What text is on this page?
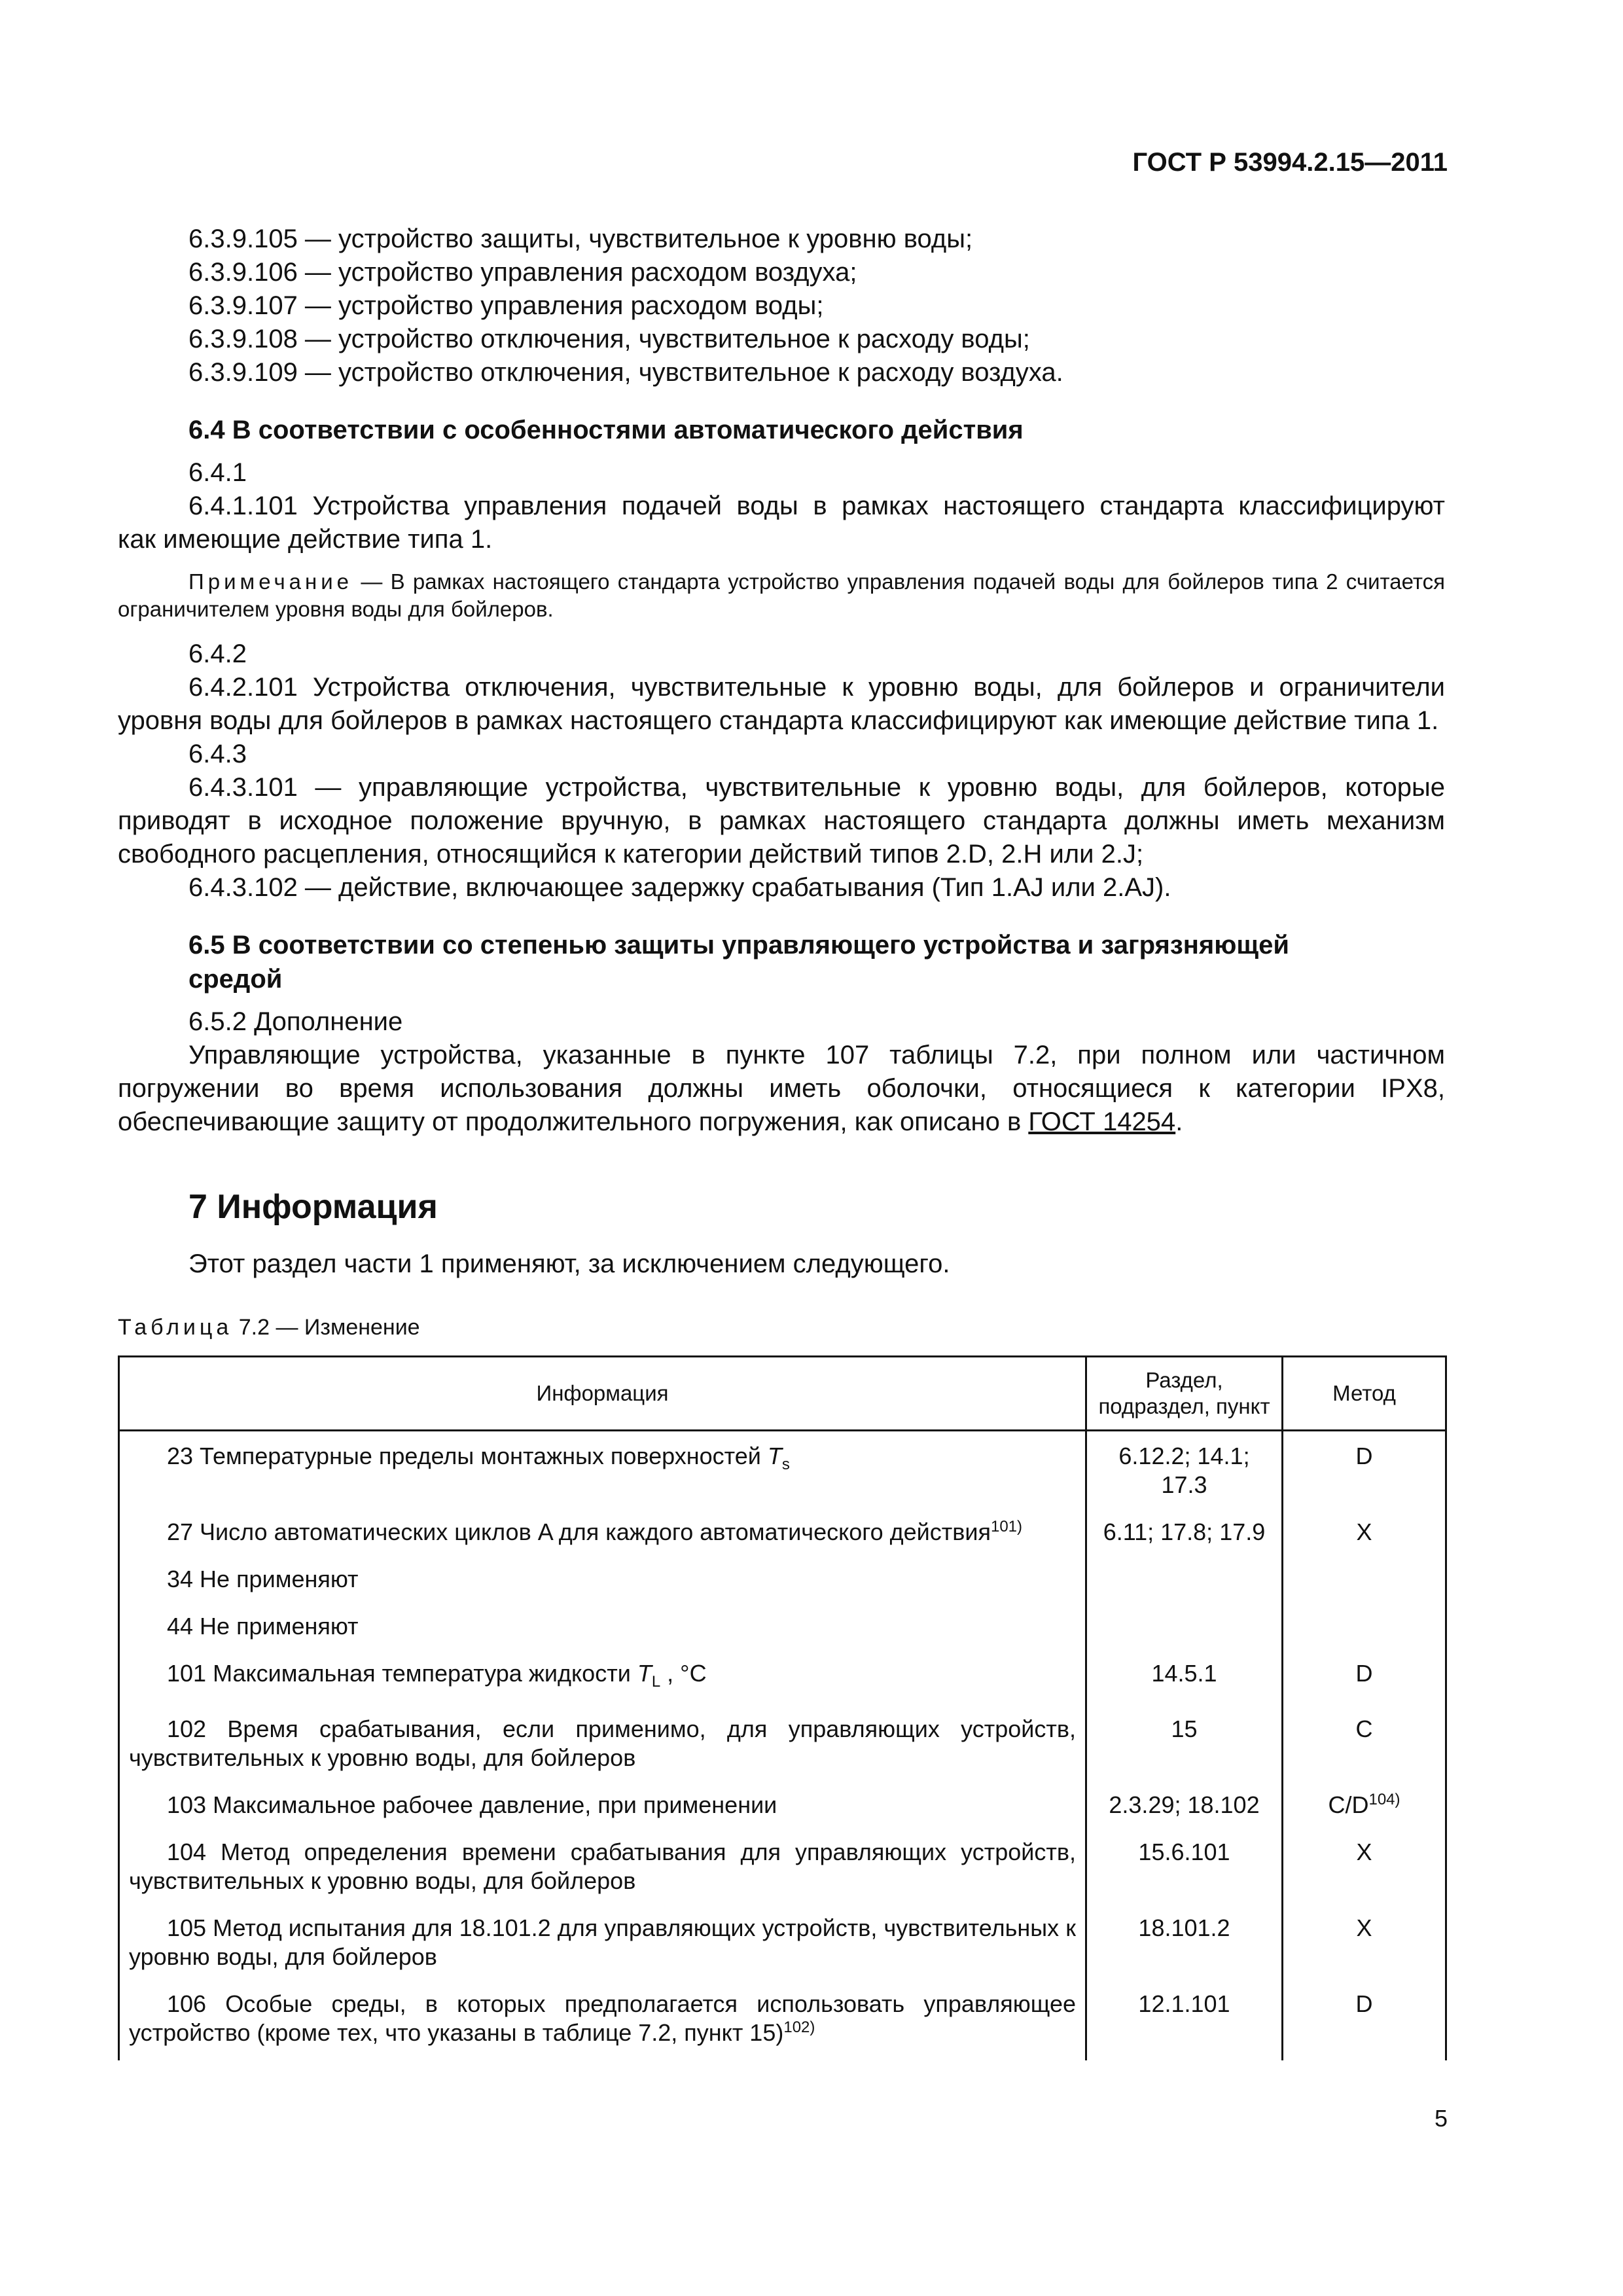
ГОСТ Р 53994.2.15—2011

6.3.9.105 — устройство защиты, чувствительное к уровню воды;

6.3.9.106 — устройство управления расходом воздуха;

6.3.9.107 — устройство управления расходом воды;

6.3.9.108 — устройство отключения, чувствительное к расходу воды;

6.3.9.109 — устройство отключения, чувствительное к расходу воздуха.

6.4 В соответствии с особенностями автоматического действия

6.4.1

6.4.1.101 Устройства управления подачей воды в рамках настоящего стандарта классифицируют

как имеющие действие типа 1.

Примечание — В рамках настоящего стандарта устройство управления подачей воды для бойлеров типа 2 считается ограничителем уровня воды для бойлеров.

6.4.2

6.4.2.101 Устройства отключения, чувствительные к уровню воды, для бойлеров и ограничители уровня воды для бойлеров в рамках настоящего стандарта классифицируют как имеющие действие типа 1.

6.4.3

6.4.3.101 — управляющие устройства, чувствительные к уровню воды, для бойлеров, которые приводят в исходное положение вручную, в рамках настоящего стандарта должны иметь механизм свободного расцепления, относящийся к категории действий типов 2.D, 2.H или 2.J;

6.4.3.102 — действие, включающее задержку срабатывания (Тип 1.AJ или 2.AJ).

6.5 В соответствии со степенью защиты управляющего устройства и загрязняющей
средой

6.5.2 Дополнение

Управляющие устройства, указанные в пункте 107 таблицы 7.2, при полном или частичном погружении во время использования должны иметь оболочки, относящиеся к категории IPX8, обеспечивающие защиту от продолжительного погружения, как описано в ГОСТ 14254.

7 Информация

Этот раздел части 1 применяют, за исключением следующего.

Таблица 7.2 — Изменение

Информация	Раздел, подраздел, пункт	Метод
23 Температурные пределы монтажных поверхностей $T_s$	6.12.2; 14.1; 17.3	D
27 Число автоматических циклов A для каждого автоматического действия$^{101)}$	6.11; 17.8; 17.9	X
34 Не применяют		
44 Не применяют		
101 Максимальная температура жидкости $T_L$ , °C	14.5.1	D
102 Время срабатывания, если применимо, для управляющих устройств, чувствительных к уровню воды, для бойлеров	15	C
103 Максимальное рабочее давление, при применении	2.3.29; 18.102	$C/D^{104)}$
104 Метод определения времени срабатывания для управляющих устройств, чувствительных к уровню воды, для бойлеров	15.6.101	X
105 Метод испытания для 18.101.2 для управляющих устройств, чувствительных к уровню воды, для бойлеров	18.101.2	X
106 Особые среды, в которых предполагается использовать управляющее устройство (кроме тех, что указаны в таблице 7.2, пункт 15)$^{102)}$	12.1.101	D
5
